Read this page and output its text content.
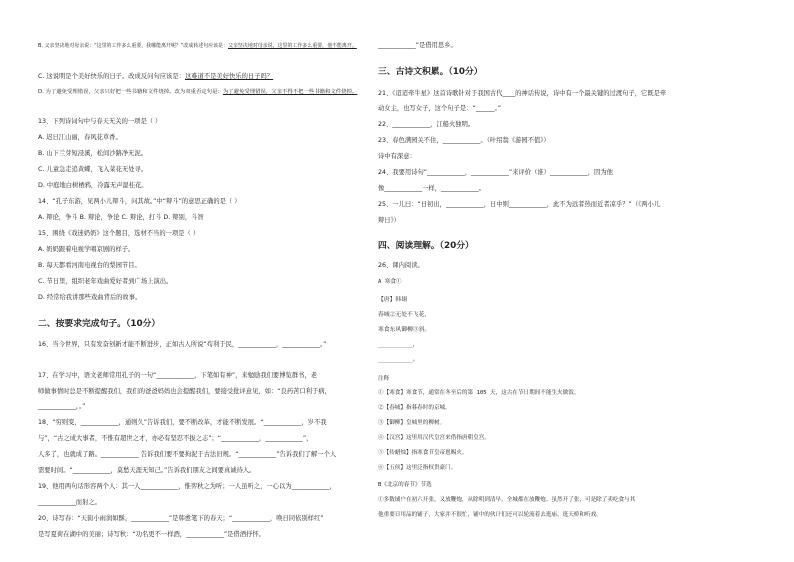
B. 父亲坚决地对母亲说：“这里的工作多么重要，我哪能离开呢？”改成转述句应该是：父亲坚决地对母亲说，这里的工作多么重要，他不能离开。
C. 这说明是个美好快乐的日子。改成反问句应该是：这难道不是美好快乐的日子吗？
D. 为了避免受理错误，父亲只好把一些书籍和文件烧掉。改为双重否定句是：为了避免受理错误，父亲不得不把一些书籍和文件烧掉。
13、下列诗词句中与春天无关的一项是（ ）
A. 迟日江山丽，春风花草香。
B. 山下兰芽短浸溪，松间沙路净无泥。
C. 儿童急走追黄蝶，飞入菜花无处寻。
D. 中庭地白树栖鸦，冷露无声湿桂花。
14、“孔子东游，见两小儿辩斗，问其故。”中“辩斗”的意思正确的是（ ）
A. 辩论，争斗 B. 辩论，争论 C. 辩论，打斗 D. 辩别，斗智
15、围绕《戏迷奶奶》这个题目，选材不当的一项是（ ）
A. 奶奶跟着电视学唱京剧的样子。
B. 每天都看河南电视台的梨园节目。
C. 节日里，组织老年戏曲爱好者到广场上演出。
D. 经常给我讲那些戏曲背后的故事。
二、按要求完成句子。（10分）
16、当今世界，只有发奋创新才能不断进步，正如古人所说“苟利于民，____________，____________。”
17、在学习中，语文老师常用孔子的一句“____________，下笔如有神”，来勉励我们要博览群书，老
师做事情时总是不断提醒我们，我们的爸爸妈妈也会提醒我们，要接受批评意见，如：“良药苦口利于病，
____________，。”
18、“穷则变，____________，通则久”告诉我们，要不断改革，才能不断发展。“____________，岁不我
与”，“古之成大事者，不惟有超世之才，亦必有坚忍不拔之志”；“____________，____________”，
人多了，也就成了路。____________ 告诉我们要不要拘泥于古法旧规。“____________”告诉我们了解一个人
需要时间。“____________，莫愁天涯无知己。”告诉我们朋友之间要真诚待人。
19、他用两句话形容两个人：其一人____________，惟弈秋之为听；一人虽听之，一心以为____________，
____________而射之。
20、诗写春：“天街小雨润如酥，____________”是韩愈笔下的春天；“____________，唤日同依别样红”
是写夏荷在湖中的美丽；诗写秋：“功名更不一样酒，____________”是借酒抒怀。
____________”是借用思乡。
三、古诗文积累。（10分）
21、《迢迢牵牛星》这首诗歌针对于我国古代____的神话传说，诗中有一个最关键的过渡句子，它既是牵
动女主，也写女子，这个句子是：“______。”
22、____________，江船火独明。
23、春色满园关不住，____________。（叶绍翁《游园不值》）
诗中有深意：
24、我要用诗句“____________，____________”来评价（谁）____________，因为他
像____________一样，____________。
25、一儿曰：“日初出，____________，日中则____________，此不为远者热而近者凉乎？”（《两小儿
辩日》）
四、阅读理解。（20分）
26、课内阅读。
A 寒食①
【唐】韩翃
春城②无处不飞花，
寒食东风御柳③斜。
____________，
____________。
注释
①【寒食】寒食节，通常在冬至后的第 105 天，这古在节日期间不能生火做饭。
②【春城】指暮春时的京城。
③【御柳】皇城里的柳树。
④【汉宫】这里用汉代皇宫来借指唐朝皇宫。
⑤【传蜡烛】指寒食节皇帝恩赐火。
⑥【五侯】这里泛指权贵豪门。
B《北京的春节》节选
①多数铺户在初六开张，又放鞭炮，从除明到清早，全城都在放鞭炮。虽然开了张，可是除了卖吃食与其
他重要日用品的铺子，大家并不很忙，铺中的伙计们还可以轮流着去逛庙、逛天桥和听戏。
